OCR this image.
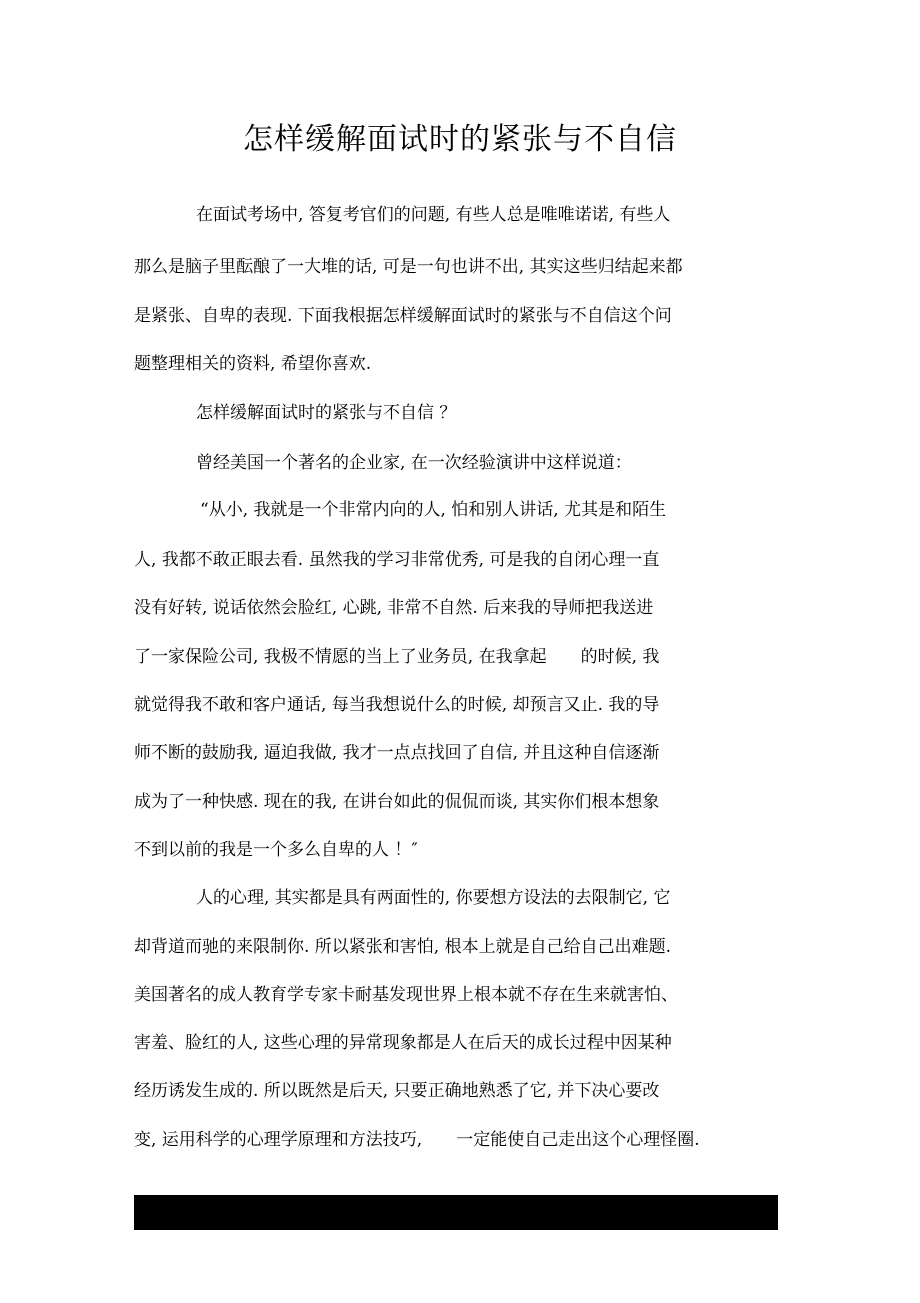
怎样缓解面试时的紧张与不自信

在面试考场中, 答复考官们的问题, 有些人总是唯唯诺诺, 有些人

那么是脑子里酝酿了一大堆的话, 可是一句也讲不出, 其实这些归结起来都

是紧张、自卑的表现. 下面我根据怎样缓解面试时的紧张与不自信这个问

题整理相关的资料, 希望你喜欢.

怎样缓解面试时的紧张与不自信 ？

曾经美国一个著名的企业家, 在一次经验演讲中这样说道：

“从小, 我就是一个非常内向的人, 怕和别人讲话, 尤其是和陌生

人, 我都不敢正眼去看. 虽然我的学习非常优秀, 可是我的自闭心理一直

没有好转, 说话依然会脸红, 心跳, 非常不自然. 后来我的导师把我送进

了一家保险公司, 我极不情愿的当上了业务员, 在我拿起　　的时候, 我

就觉得我不敢和客户通话, 每当我想说什么的时候, 却预言又止. 我的导

师不断的鼓励我, 逼迫我做, 我才一点点找回了自信, 并且这种自信逐渐

成为了一种快感. 现在的我, 在讲台如此的侃侃而谈, 其实你们根本想象

不到以前的我是一个多么自卑的人 ！″

人的心理, 其实都是具有两面性的, 你要想方设法的去限制它, 它

却背道而驰的来限制你. 所以紧张和害怕, 根本上就是自己给自己出难题.

美国著名的成人教育学专家卡耐基发现世界上根本就不存在生来就害怕、

害羞、脸红的人, 这些心理的异常现象都是人在后天的成长过程中因某种

经历诱发生成的. 所以既然是后天, 只要正确地熟悉了它, 并下决心要改

变, 运用科学的心理学原理和方法技巧,　　一定能使自己走出这个心理怪圈.
